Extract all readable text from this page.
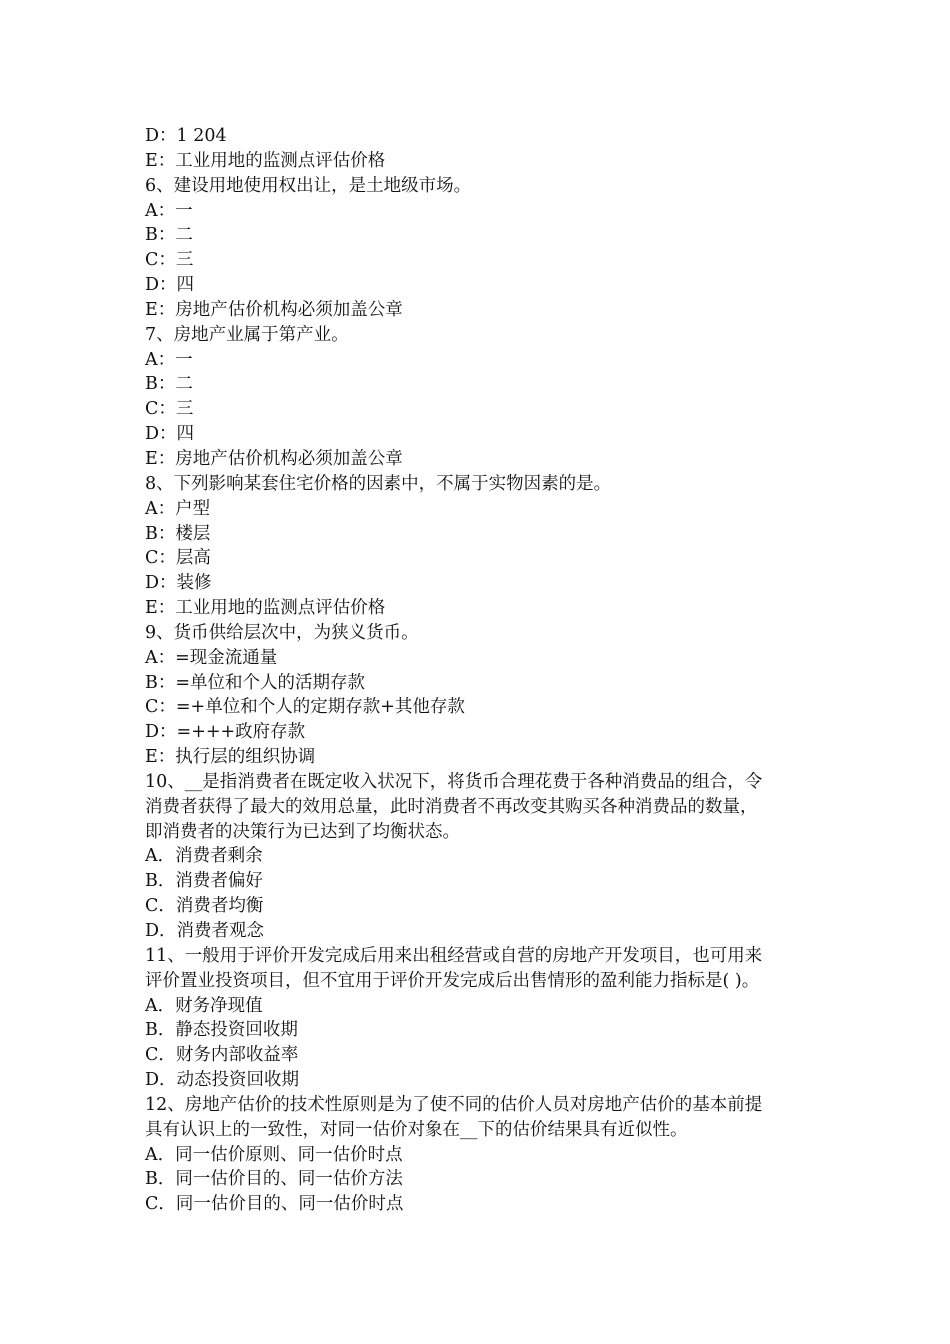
D：1 204
E：工业用地的监测点评估价格
6、建设用地使用权出让，是土地级市场。
A：一
B：二
C：三
D：四
E：房地产估价机构必须加盖公章
7、房地产业属于第产业。
A：一
B：二
C：三
D：四
E：房地产估价机构必须加盖公章
8、下列影响某套住宅价格的因素中，不属于实物因素的是。
A：户型
B：楼层
C：层高
D：装修
E：工业用地的监测点评估价格
9、货币供给层次中，为狭义货币。
A：=现金流通量
B：=单位和个人的活期存款
C：=+单位和个人的定期存款+其他存款
D：=+++政府存款
E：执行层的组织协调
10、__是指消费者在既定收入状况下，将货币合理花费于各种消费品的组合，令
消费者获得了最大的效用总量，此时消费者不再改变其购买各种消费品的数量，
即消费者的决策行为已达到了均衡状态。
A．消费者剩余
B．消费者偏好
C．消费者均衡
D．消费者观念
11、一般用于评价开发完成后用来出租经营或自营的房地产开发项目，也可用来
评价置业投资项目，但不宜用于评价开发完成后出售情形的盈利能力指标是( )。
A．财务净现值
B．静态投资回收期
C．财务内部收益率
D．动态投资回收期
12、房地产估价的技术性原则是为了使不同的估价人员对房地产估价的基本前提
具有认识上的一致性，对同一估价对象在__下的估价结果具有近似性。
A．同一估价原则、同一估价时点
B．同一估价目的、同一估价方法
C．同一估价目的、同一估价时点
